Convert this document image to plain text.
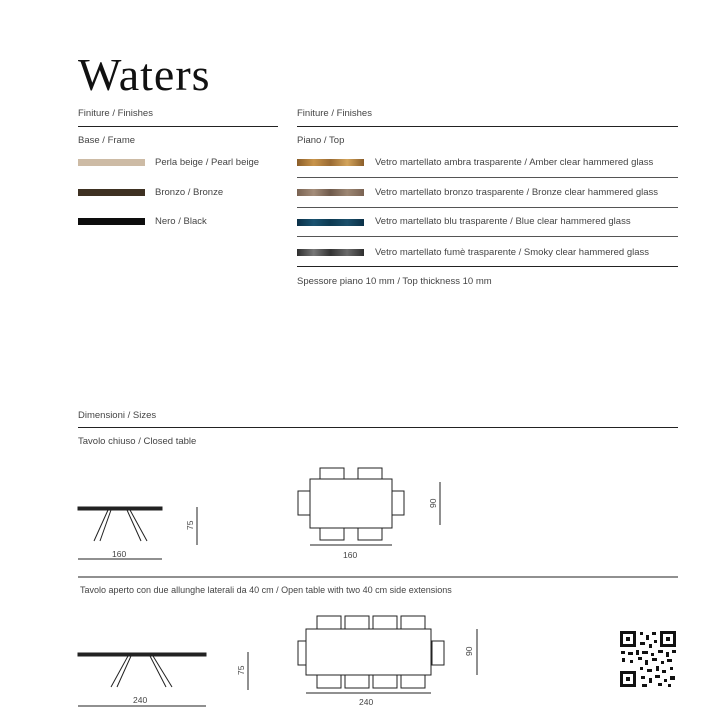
Waters
Finiture / Finishes
Base / Frame
Perla beige / Pearl beige
Bronzo / Bronze
Nero / Black
Finiture / Finishes
Piano / Top
Vetro martellato ambra trasparente / Amber clear hammered glass
Vetro martellato bronzo trasparente / Bronze clear hammered glass
Vetro martellato blu trasparente / Blue clear hammered glass
Vetro martellato fumè trasparente / Smoky clear hammered glass
Spessore piano 10 mm / Top thickness 10 mm
Dimensioni / Sizes
Tavolo chiuso / Closed table
160
75
160
90
240
75
240
90
Tavolo aperto con due allunghe laterali da 40 cm / Open table with two 40 cm side extensions
